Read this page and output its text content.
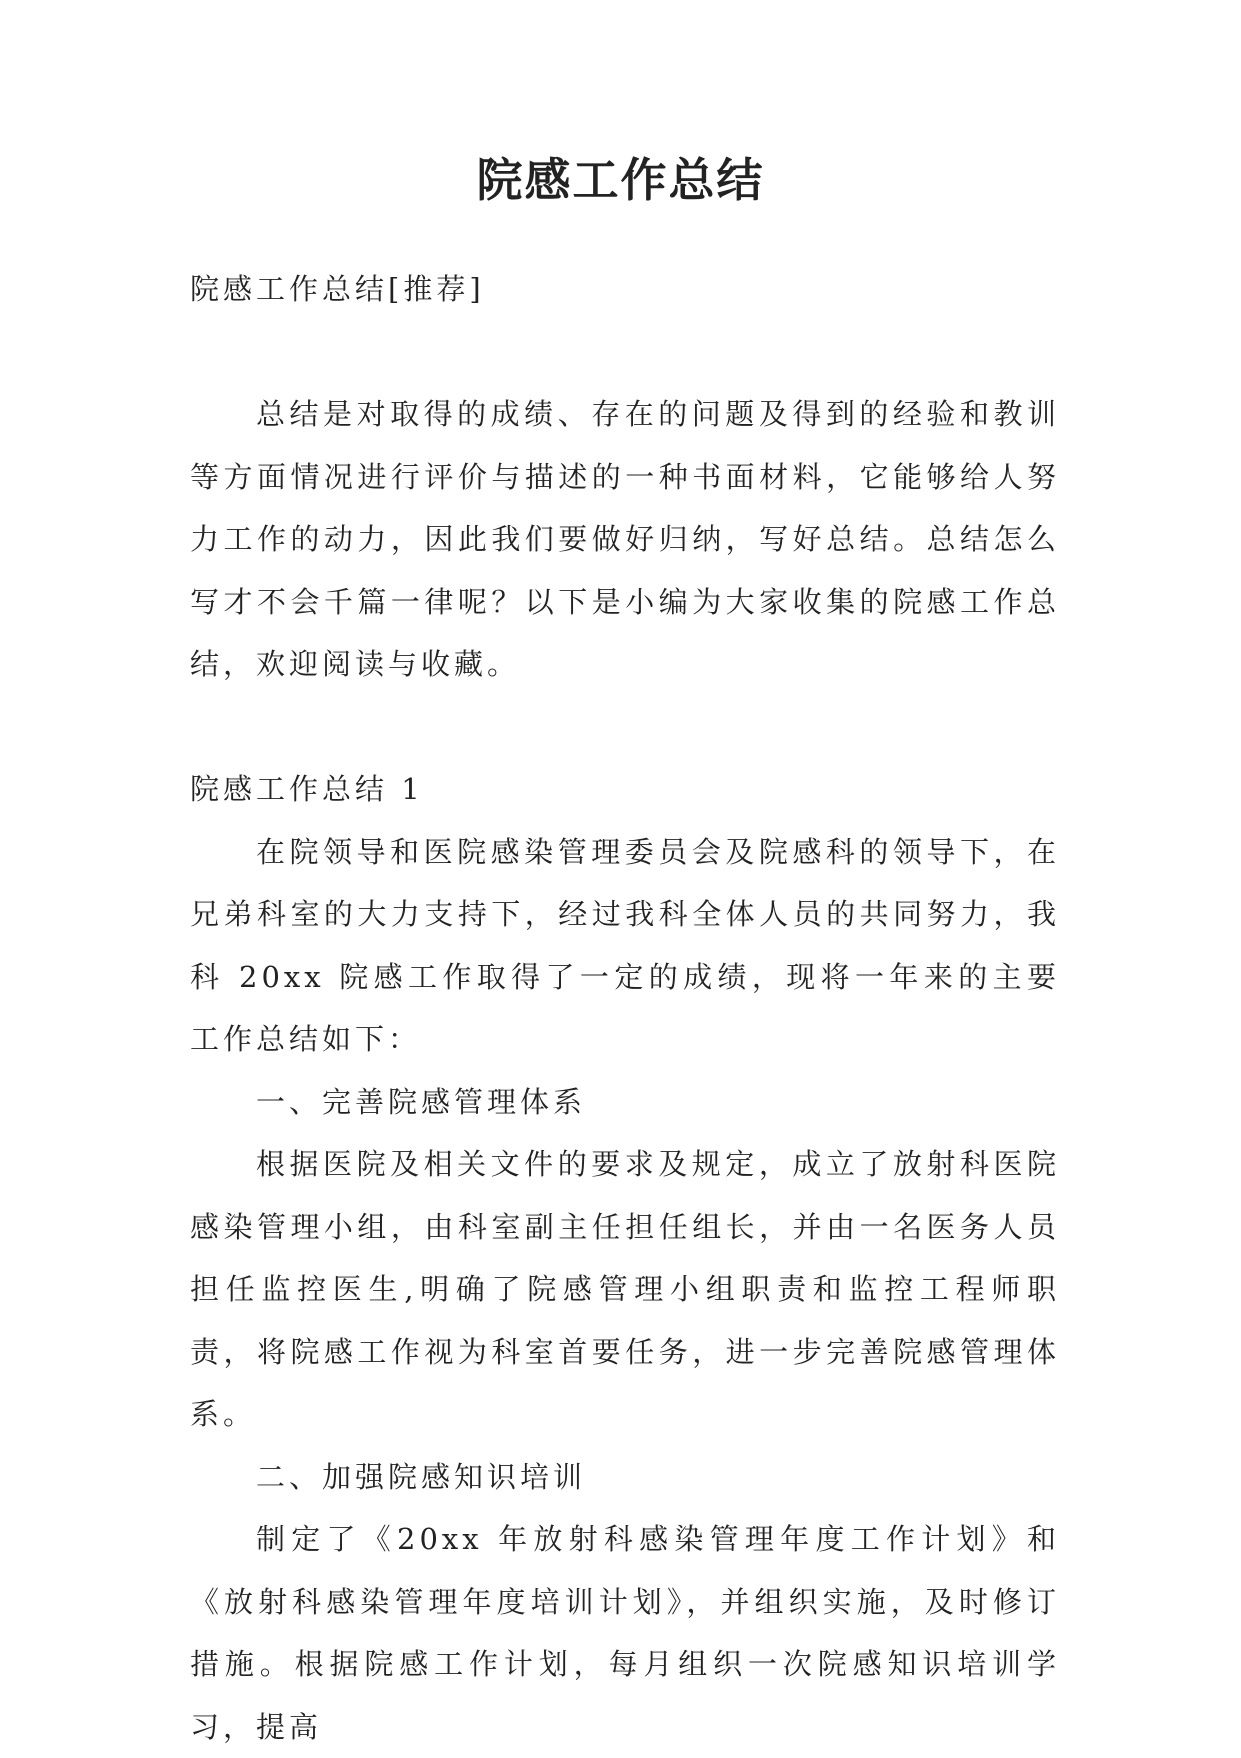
院感工作总结

院感工作总结[推荐]

总结是对取得的成绩、存在的问题及得到的经验和教训等方面情况进行评价与描述的一种书面材料，它能够给人努力工作的动力，因此我们要做好归纳，写好总结。总结怎么写才不会千篇一律呢？以下是小编为大家收集的院感工作总结，欢迎阅读与收藏。

院感工作总结 1

在院领导和医院感染管理委员会及院感科的领导下，在兄弟科室的大力支持下，经过我科全体人员的共同努力，我科 20xx 院感工作取得了一定的成绩，现将一年来的主要工作总结如下：

一、完善院感管理体系

根据医院及相关文件的要求及规定，成立了放射科医院感染管理小组，由科室副主任担任组长，并由一名医务人员担任监控医生,明确了院感管理小组职责和监控工程师职责，将院感工作视为科室首要任务，进一步完善院感管理体系。

二、加强院感知识培训

制定了《20xx 年放射科感染管理年度工作计划》和《放射科感染管理年度培训计划》，并组织实施，及时修订措施。根据院感工作计划，每月组织一次院感知识培训学习，提高
